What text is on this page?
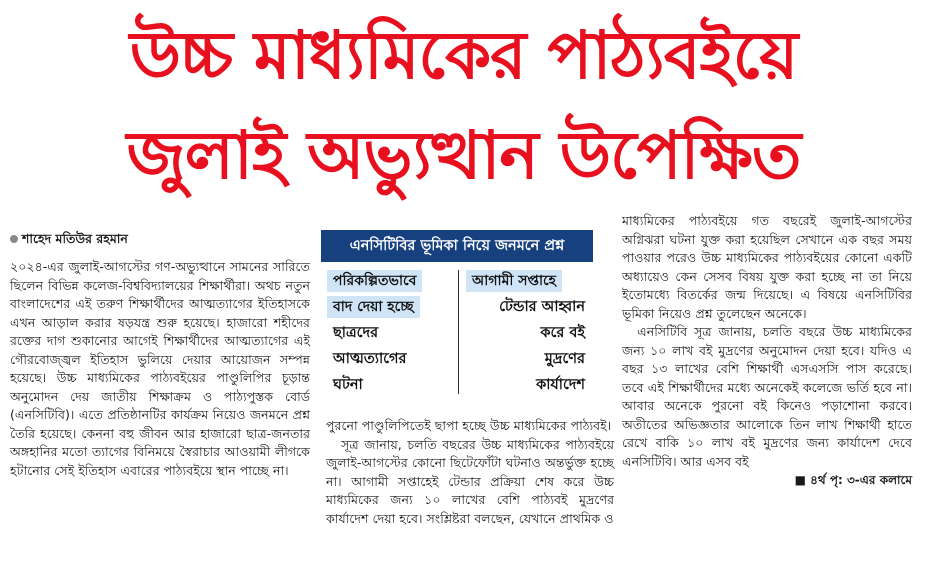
উচ্চ মাধ্যমিকের পাঠ্যবইয়ে
জুলাই অভ্যুত্থান উপেক্ষিত
শাহেদ মতিউর রহমান

২০২৪-এর জুলাই-আগস্টের গণ-অভ্যুত্থানে সামনের সারিতে ছিলেন বিভিন্ন কলেজ-বিশ্ববিদ্যালয়ের শিক্ষার্থীরা। অথচ নতুন বাংলাদেশের এই তরুণ শিক্ষার্থীদের আত্মত্যাগের ইতিহাসকে এখন আড়াল করার ষড়যন্ত্র শুরু হয়েছে। হাজারো শহীদের রক্তের দাগ শুকানোর আগেই শিক্ষার্থীদের আত্মত্যাগের এই গৌরবোজ্জ্বল ইতিহাস ভুলিয়ে দেয়ার আয়োজন সম্পন্ন হয়েছে। উচ্চ মাধ্যমিকের পাঠ্যবইয়ের পাণ্ডুলিপির চূড়ান্ত অনুমোদন দেয় জাতীয় শিক্ষাক্রম ও পাঠ্যপুস্তক বোর্ড (এনসিটিবি)। এতে প্রতিষ্ঠানটির কার্যক্রম নিয়েও জনমনে প্রশ্ন তৈরি হয়েছে। কেননা বহু জীবন আর হাজারো ছাত্র-জনতার অঙ্গহানির মতো ত্যাগের বিনিময়ে স্বৈরাচার আওয়ামী লীগকে হটানোর সেই ইতিহাস এবারের পাঠ্যবইয়ে স্থান পাচ্ছে না।

এনসিটিবির ভূমিকা নিয়ে জনমনে প্রশ্ন
পরিকল্পিতভাবে
বাদ দেয়া হচ্ছে
ছাত্রদের
আত্মত্যাগের
ঘটনা
আগামী সপ্তাহে
টেন্ডার আহ্বান
করে বই
মুদ্রণের
কার্যাদেশ

পুরনো পাণ্ডুলিপিতেই ছাপা হচ্ছে উচ্চ মাধ্যমিকের পাঠ্যবই।

সূত্র জানায়, চলতি বছরের উচ্চ মাধ্যমিকের পাঠ্যবইয়ে জুলাই-আগস্টের কোনো ছিটেফোঁটা ঘটনাও অন্তর্ভুক্ত হচ্ছে না। আগামী সপ্তাহেই টেন্ডার প্রক্রিয়া শেষ করে উচ্চ মাধ্যমিকের জন্য ১০ লাখের বেশি পাঠ্যবই মুদ্রণের কার্যাদেশ দেয়া হবে। সংশ্লিষ্টরা বলছেন, যেখানে প্রাথমিক ও

মাধ্যমিকের পাঠ্যবইয়ে গত বছরেই জুলাই-আগস্টের অগ্নিঝরা ঘটনা যুক্ত করা হয়েছিল সেখানে এক বছর সময় পাওয়ার পরেও উচ্চ মাধ্যমিকের পাঠ্যবইয়ের কোনো একটি অধ্যায়েও কেন সেসব বিষয় যুক্ত করা হচ্ছে না তা নিয়ে ইতোমধ্যে বিতর্কের জন্ম দিয়েছে। এ বিষয়ে এনসিটিবির ভূমিকা নিয়েও প্রশ্ন তুলেছেন অনেকে।

এনসিটিবি সূত্র জানায়, চলতি বছরে উচ্চ মাধ্যমিকের জন্য ১০ লাখ বই মুদ্রণের অনুমোদন দেয়া হবে। যদিও এ বছর ১৩ লাখের বেশি শিক্ষার্থী এসএসসি পাস করেছে। তবে এই শিক্ষার্থীদের মধ্যে অনেকেই কলেজে ভর্তি হবে না। আবার অনেকে পুরনো বই কিনেও পড়াশোনা করবে। অতীতের অভিজ্ঞতার আলোকে তিন লাখ শিক্ষার্থী হাতে রেখে বাকি ১০ লাখ বই মুদ্রণের জন্য কার্যাদেশ দেবে এনসিটিবি। আর এসব বই

■ ৪র্থ পৃ: ৩-এর কলামে
